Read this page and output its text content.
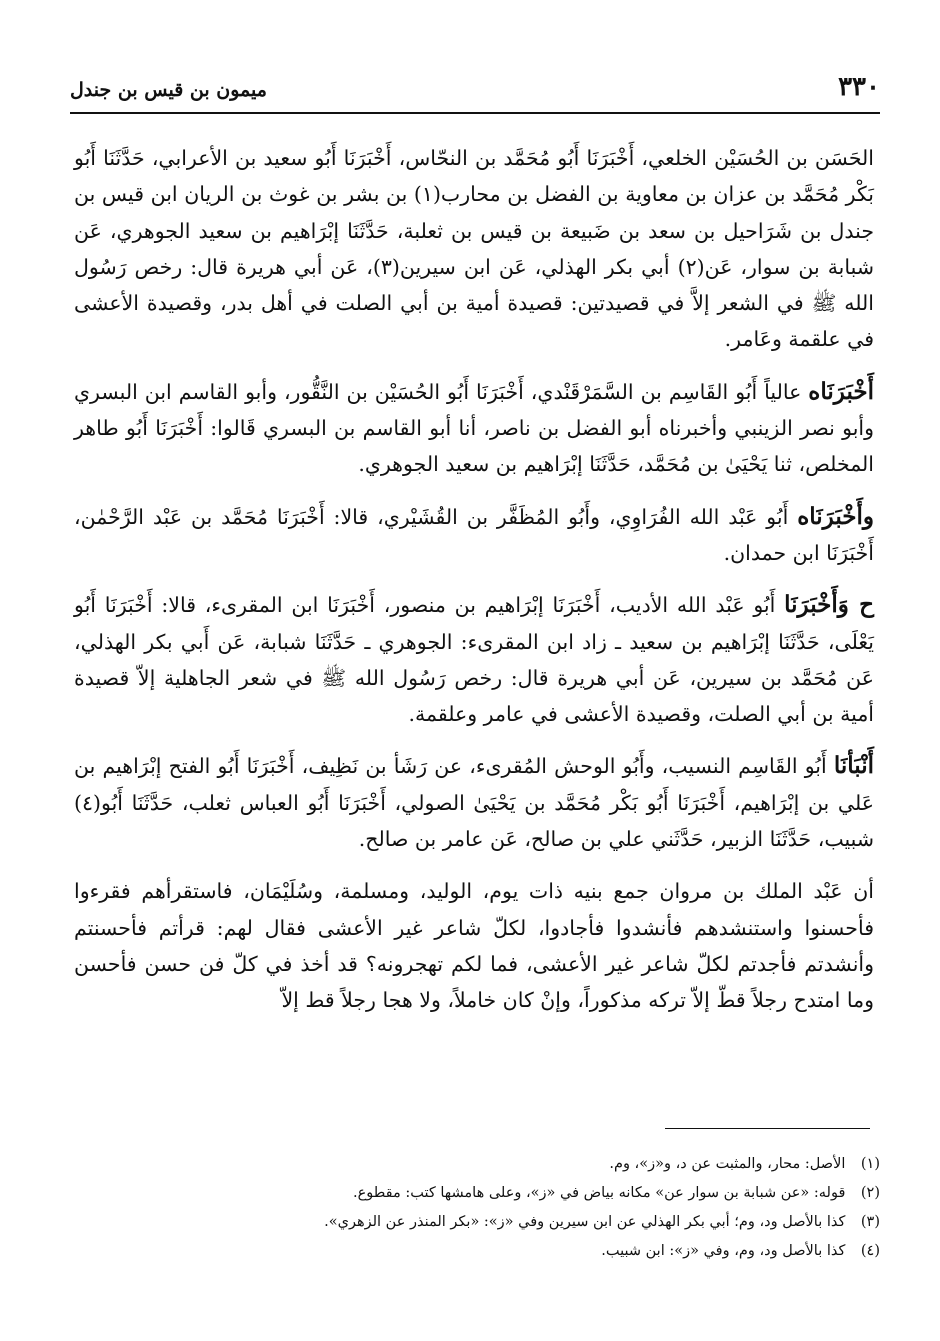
٣٣٠
ميمون بن قيس بن جندل

الحَسَن بن الحُسَيْن الخلعي، أَخْبَرَنَا أَبُو مُحَمَّد بن النحّاس، أَخْبَرَنَا أَبُو سعيد بن الأعرابي، حَدَّثَنَا أَبُو بَكْر مُحَمَّد بن عزان بن معاوية بن الفضل بن محارب(١) بن بشر بن غوث بن الريان ابن قيس بن جندل بن شَرَاحيل بن سعد بن ضَبيعة بن قيس بن ثعلبة، حَدَّثَنَا إبْرَاهيم بن سعيد الجوهري، عَن شبابة بن سوار، عَن(٢) أبي بكر الهذلي، عَن ابن سيرين(٣)، عَن أبي هريرة قال: رخص رَسُول الله ﷺ في الشعر إلاَّ في قصيدتين: قصيدة أمية بن أبي الصلت في أهل بدر، وقصيدة الأعشى في علقمة وعَامر.

أَخْبَرَنَاه عالياً أَبُو القَاسِم بن السَّمَرْقَنْدي، أَخْبَرَنَا أَبُو الحُسَيْن بن النَّقُّور، وأبو القاسم ابن البسري وأبو نصر الزينبي وأخبرناه أبو الفضل بن ناصر، أنا أبو القاسم بن البسري قَالوا: أَخْبَرَنَا أَبُو طاهر المخلص، ثنا يَحْيَىٰ بن مُحَمَّد، حَدَّثَنَا إبْرَاهيم بن سعيد الجوهري.

وأَخْبَرَنَاه أَبُو عَبْد الله الفُرَاوِي، وأَبُو المُظَفَّر بن القُشَيْري، قالا: أَخْبَرَنَا مُحَمَّد بن عَبْد الرَّحْمٰن، أَخْبَرَنَا ابن حمدان.

ح وَأَخْبَرَنَا أَبُو عَبْد الله الأديب، أَخْبَرَنَا إبْرَاهيم بن منصور، أَخْبَرَنَا ابن المقرىء، قالا: أَخْبَرَنَا أَبُو يَعْلَى، حَدَّثَنَا إبْرَاهيم بن سعيد ـ زاد ابن المقرىء: الجوهري ـ حَدَّثَنَا شبابة، عَن أَبي بكر الهذلي، عَن مُحَمَّد بن سيرين، عَن أبي هريرة قال: رخص رَسُول الله ﷺ في شعر الجاهلية إلاّ قصيدة أمية بن أبي الصلت، وقصيدة الأعشى في عامر وعلقمة.

أَنْبَأنَا أَبُو القَاسِم النسيب، وأَبُو الوحش المُقرىء، عن رَشَأ بن نَظِيف، أَخْبَرَنَا أَبُو الفتح إبْرَاهيم بن عَلي بن إبْرَاهيم، أَخْبَرَنَا أَبُو بَكْر مُحَمَّد بن يَحْيَىٰ الصولي، أَخْبَرَنَا أَبُو العباس ثعلب، حَدَّثَنَا أَبُو(٤) شبيب، حَدَّثَنَا الزبير، حَدَّثَني علي بن صالح، عَن عامر بن صالح.

أن عَبْد الملك بن مروان جمع بنيه ذات يوم، الوليد، ومسلمة، وسُلَيْمَان، فاستقرأهم فقرءوا فأحسنوا واستنشدهم فأنشدوا فأجادوا، لكلّ شاعر غير الأعشى فقال لهم: قرأتم فأحسنتم وأنشدتم فأجدتم لكلّ شاعر غير الأعشى، فما لكم تهجرونه؟ قد أخذ في كلّ فن حسن فأحسن وما امتدح رجلاً قطّ إلاّ تركه مذكوراً، وإنْ كان خاملاً، ولا هجا رجلاً قط إلاّ

(١) الأصل: محار، والمثبت عن د، و«ز»، وم.
(٢) قوله: «عن شبابة بن سوار عن» مكانه بياض في «ز»، وعلى هامشها كتب: مقطوع.
(٣) كذا بالأصل ود، وم؛ أبي بكر الهذلي عن ابن سيرين وفي «ز»: «بكر المنذر عن الزهري».
(٤) كذا بالأصل ود، وم، وفي «ز»: ابن شبيب.
